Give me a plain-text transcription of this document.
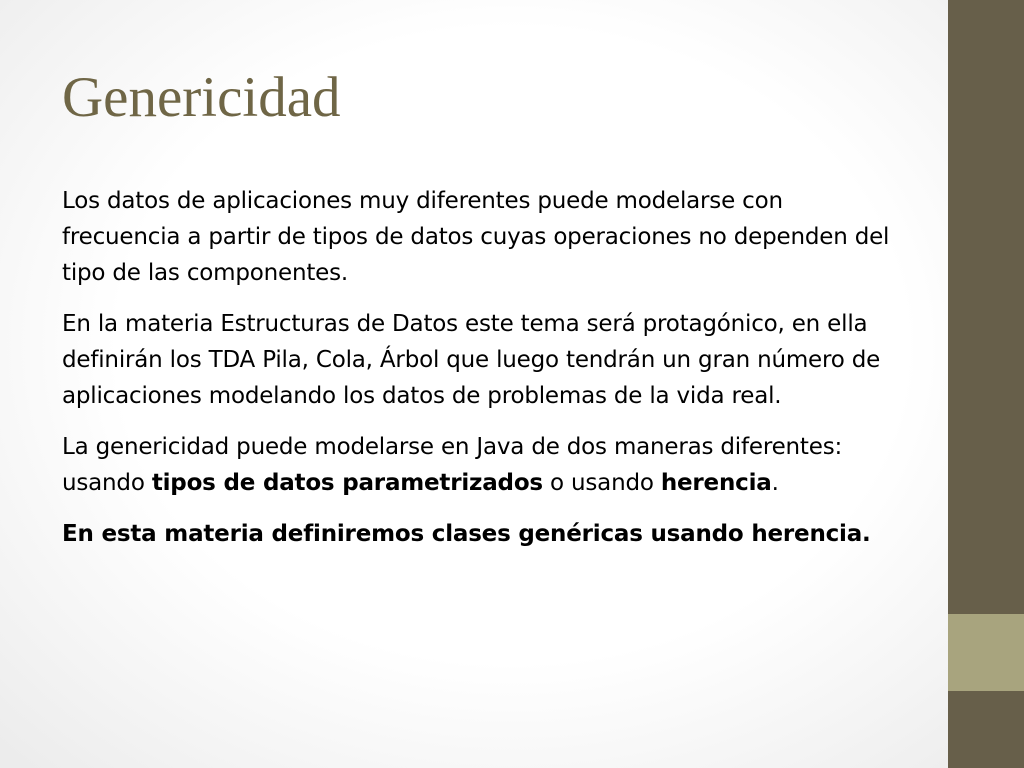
Genericidad

Los datos de aplicaciones muy diferentes puede modelarse con frecuencia a partir de tipos de datos cuyas operaciones no dependen del tipo de las componentes.

En la materia Estructuras de Datos este tema será protagónico, en ella definirán los TDA Pila, Cola, Árbol que luego tendrán un gran número de aplicaciones modelando los datos de problemas de la vida real.

La genericidad puede modelarse en Java de dos maneras diferentes: usando tipos de datos parametrizados o usando herencia.

En esta materia definiremos clases genéricas usando herencia.
